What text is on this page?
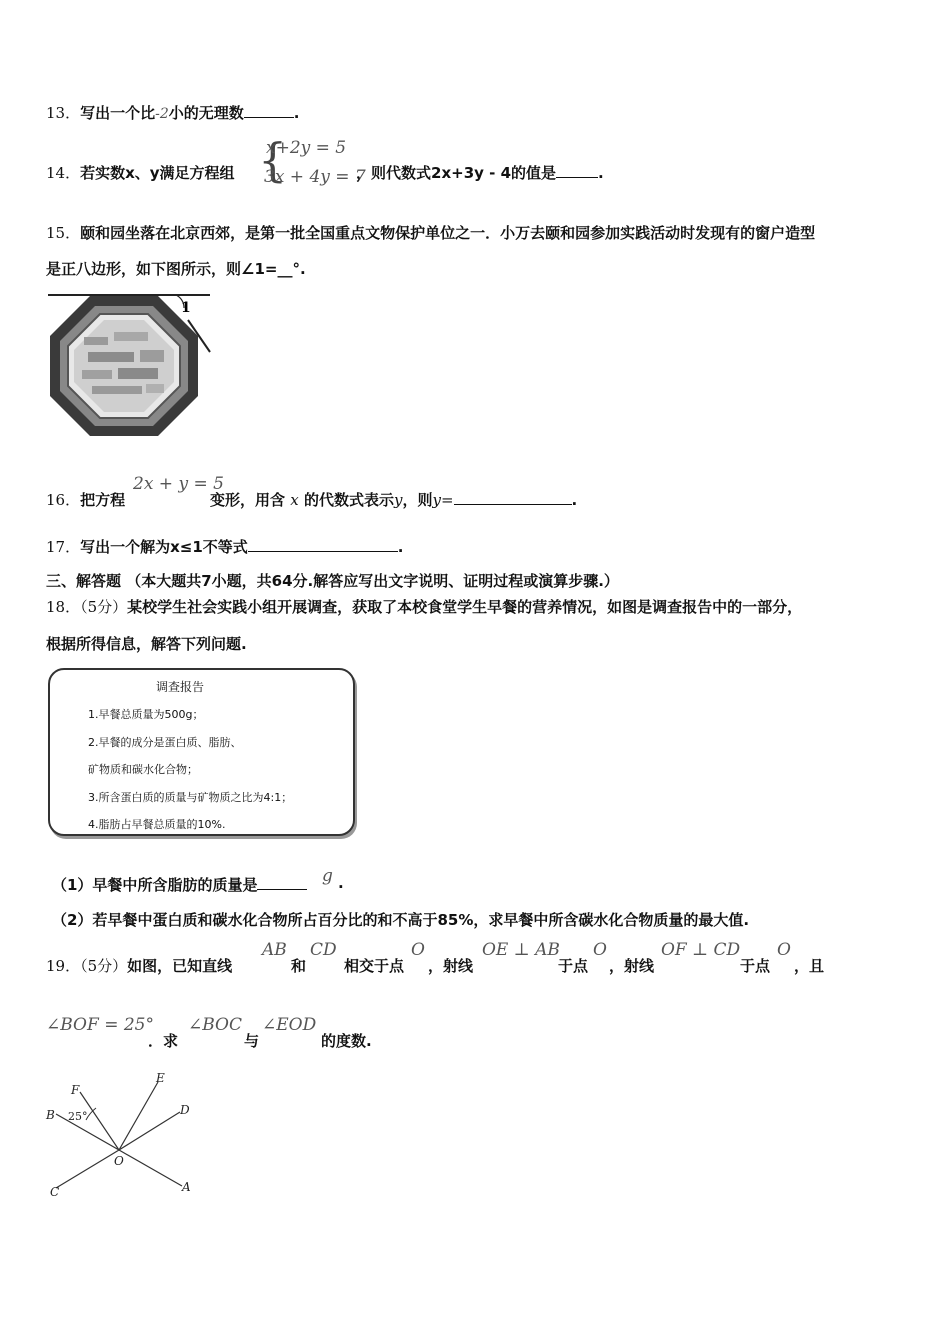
13．写出一个比-2小的无理数	.
{
x+2y = 5
3x + 4y = 7
14．若实数x、y满足方程组	，则代数式2x+3y - 4的值是	.
15．颐和园坐落在北京西郊，是第一批全国重点文物保护单位之一．小万去颐和园参加实践活动时发现有的窗户造型
是正八边形，如下图所示，则∠1=__°.
1
2x + y = 5
16．把方程	变形，用含 x 的代数式表示y，则y=	.
17．写出一个解为x≤1不等式	.
三、解答题 （本大题共7小题，共64分.解答应写出文字说明、证明过程或演算步骤.）
18．（5分）某校学生社会实践小组开展调查，获取了本校食堂学生早餐的营养情况，如图是调查报告中的一部分，
根据所得信息，解答下列问题.
调查报告
1.早餐总质量为500g；
2.早餐的成分是蛋白质、脂肪、
矿物质和碳水化合物；
3.所含蛋白质的质量与矿物质之比为4:1；
4.脂肪占早餐总质量的10%.
（1）早餐中所含脂肪的质量是	g .
（2）若早餐中蛋白质和碳水化合物所占百分比的和不高于85%，求早餐中所含碳水化合物质量的最大值.
19．（5分）如图，已知直线
AB
和
CD
相交于点
O
，射线
OE ⊥ AB
于点
O
，射线
OF ⊥ CD
于点
O
，且
∠BOF = 25°
．求
∠BOC
与
∠EOD
的度数.
F
E
D
B
O
C	A
25°
